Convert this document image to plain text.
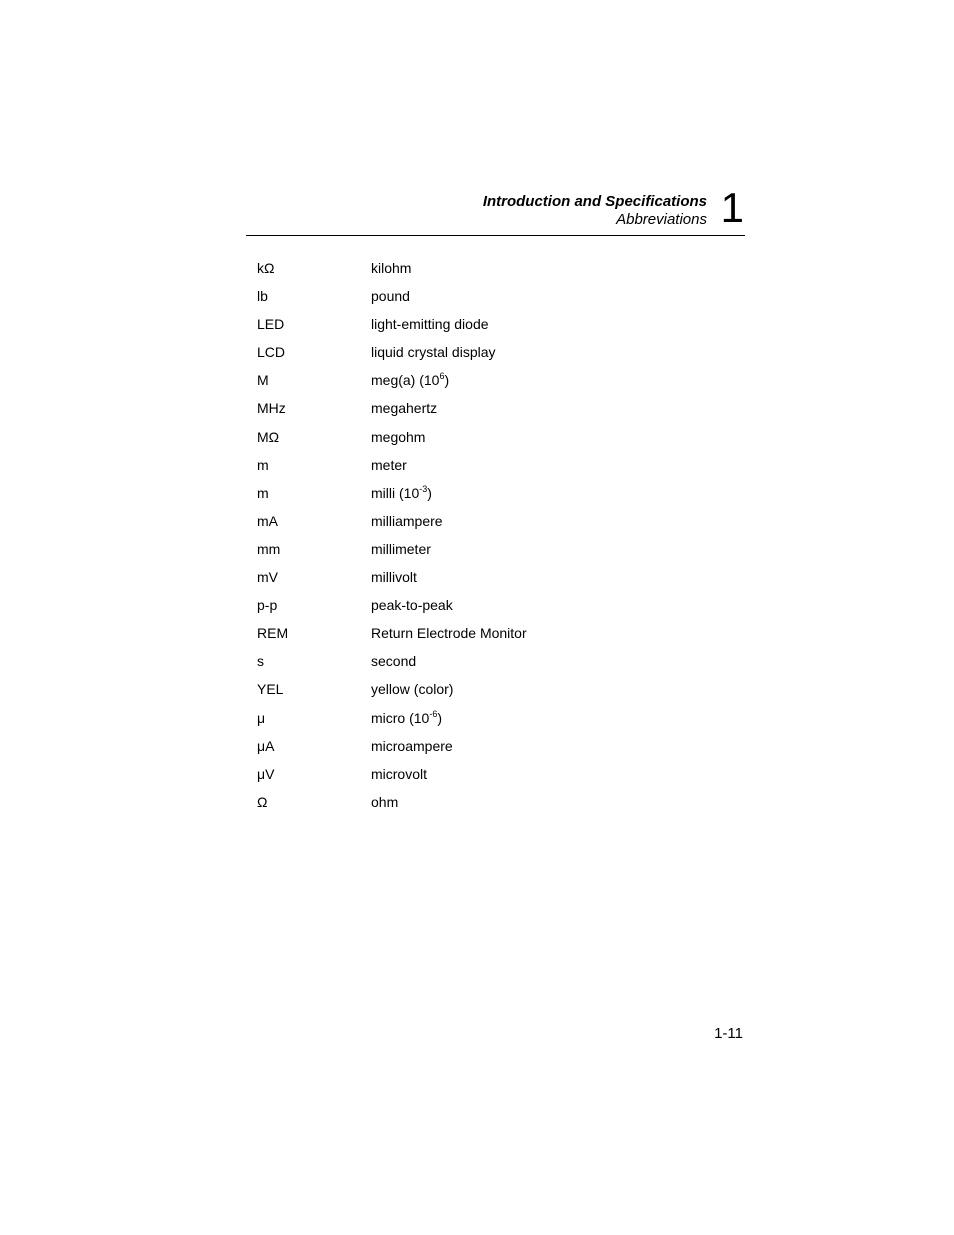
Introduction and Specifications
Abbreviations 1
kΩ	kilohm
lb	pound
LED	light-emitting diode
LCD	liquid crystal display
M	meg(a) $(10^6)$
MHz	megahertz
MΩ	megohm
m	meter
m	milli $(10^{-3})$
mA	milliampere
mm	millimeter
mV	millivolt
p-p	peak-to-peak
REM	Return Electrode Monitor
s	second
YEL	yellow (color)
μ	micro $(10^{-6})$
μA	microampere
μV	microvolt
Ω	ohm
1-11
